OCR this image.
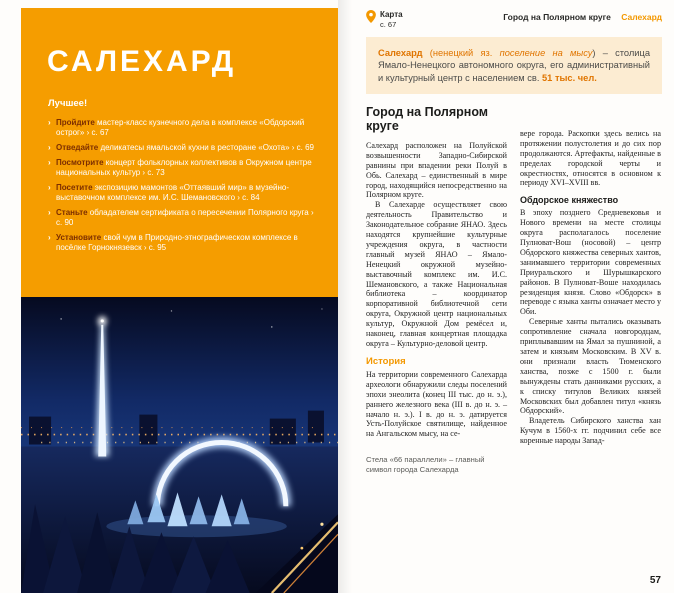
САЛЕХАРД
Лучшее!
› Пройдите мастер-класс кузнечного дела в комплексе «Обдорский острог» › с. 67
› Отведайте деликатесы ямальской кухни в ресторане «Охота» › с. 69
› Посмотрите концерт фольклорных коллективов в Окружном центре национальных культур › с. 73
› Посетите экспозицию мамонтов «Оттаявший мир» в музейно-выставочном комплексе им. И.С. Шемановского › с. 84
› Станьте обладателем сертификата о пересечении Полярного круга › с. 90
› Установите свой чум в Природно-этнографическом комплексе в посёлке Горнокнязевск › с. 95
Карта
с. 67
Город на Полярном круге Салехард
Салехард (ненецкий яз. поселение на мысу) – столица Ямало-Ненецкого автономного округа, его административный и культурный центр с населением св. 51 тыс. чел.
Город на Полярном круге

Салехард расположен на Полуйской возвышенности Западно-Сибирской равнины при впадении реки Полуй в Обь. Салехард – единственный в мире город, находящийся непосредственно на Полярном круге.

В Салехарде осуществляет свою деятельность Правительство и Законодательное собрание ЯНАО. Здесь находятся крупнейшие культурные учреждения округа, в частности главный музей ЯНАО – Ямало-Ненецкий окружной музейно-выставочный комплекс им. И.С. Шемановского, а также Национальная библиотека – координатор корпоративной библиотечной сети округа, Окружной центр национальных культур, Окружной Дом ремёсел и, наконец, главная концертная площадка округа – Культурно-деловой центр.

История

На территории современного Салехарда археологи обнаружили следы поселений эпохи энеолита (конец III тыс. до н. э.), раннего железного века (III в. до н. э. – начало н. э.). I в. до н. э. датируется Усть-Полуйское святилище, найденное на Ангальском мысу, на се-

Стела «66 параллели» – главный символ города Салехарда

вере города. Раскопки здесь велись на протяжении полустолетия и до сих пор продолжаются. Артефакты, найденные в пределах городской черты и окрестностях, относятся в основном к периоду XVI–XVIII вв.

Обдорское княжество

В эпоху позднего Средневековья и Нового времени на месте столицы округа располагалось поселение Пулноват-Вош (носовой) – центр Обдорского княжества северных хантов, занимавшего территории современных Приуральского и Шурышкарского районов. В Пулноват-Воше находилась резиденция князя. Слово «Обдорск» в переводе с языка ханты означает место у Оби.

Северные ханты пытались оказывать сопротивление сначала новгородцам, приплывавшим на Ямал за пушниной, а затем и князьям Московским. В XV в. они признали власть Тюменского ханства, позже с 1500 г. были вынуждены стать данниками русских, а к списку титулов Великих князей Московских был добавлен титул «князь Обдорский».

Владетель Сибирского ханства хан Кучум в 1560-х гг. подчинил себе все коренные народы Запад-

57
